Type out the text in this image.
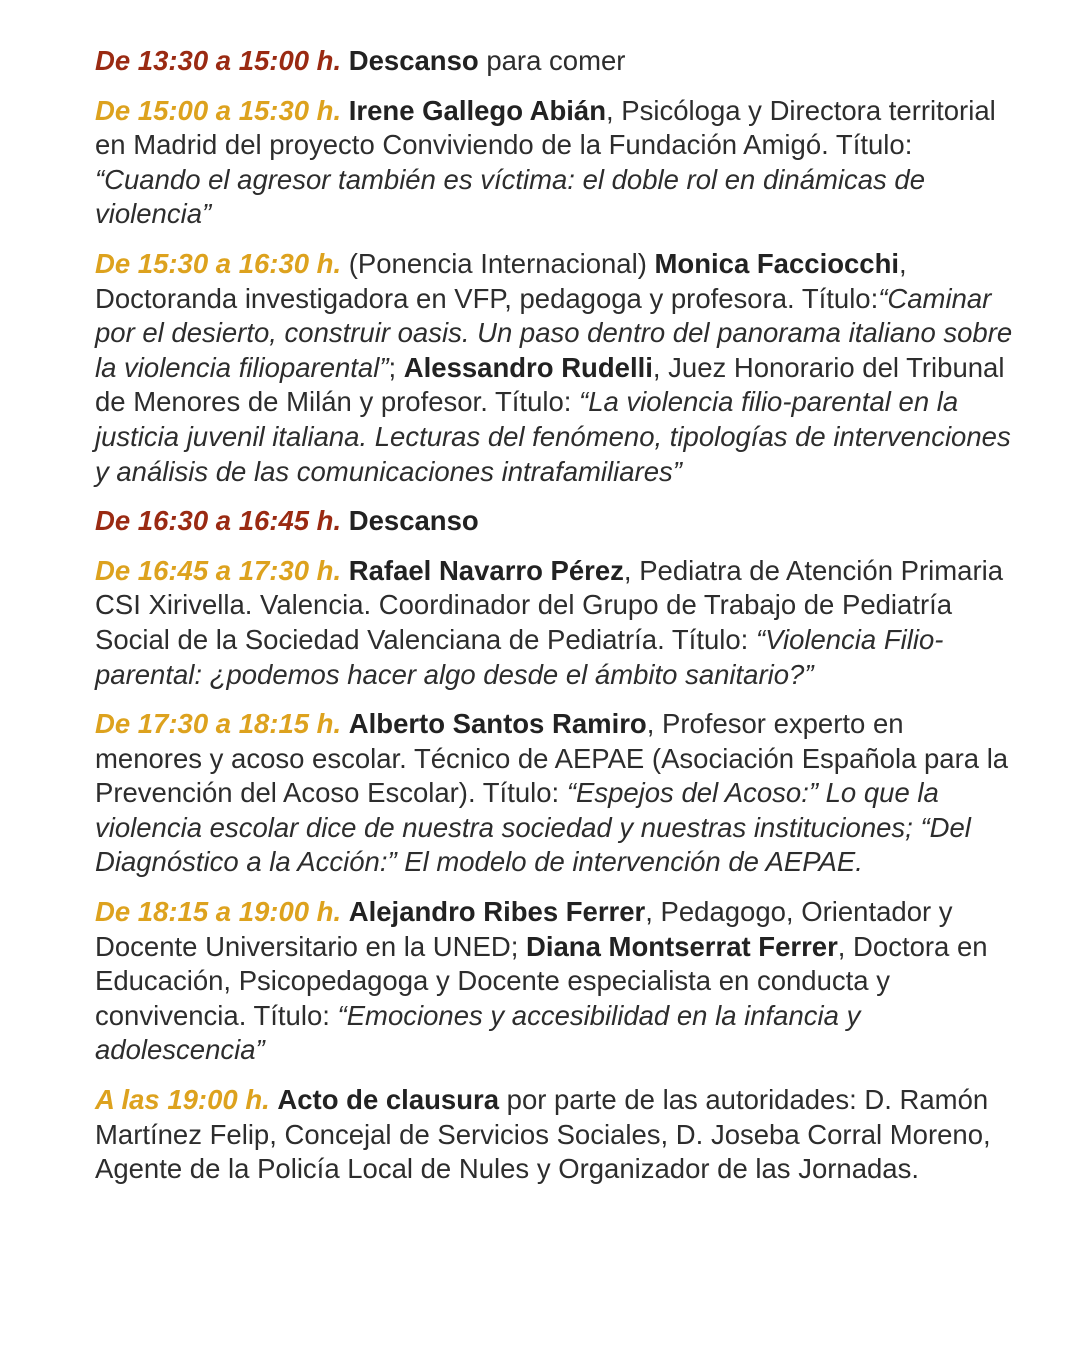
De 13:30 a 15:00 h. Descanso para comer

De 15:00 a 15:30 h. Irene Gallego Abián, Psicóloga y Directora territorial en Madrid del proyecto Conviviendo de la Fundación Amigó. Título: “Cuando el agresor también es víctima: el doble rol en dinámicas de violencia”

De 15:30 a 16:30 h. (Ponencia Internacional) Monica Facciocchi, Doctoranda investigadora en VFP, pedagoga y profesora. Título:“Caminar por el desierto, construir oasis. Un paso dentro del panorama italiano sobre la violencia filioparental”; Alessandro Rudelli, Juez Honorario del Tribunal de Menores de Milán y profesor. Título: “La violencia filio-parental en la justicia juvenil italiana. Lecturas del fenómeno, tipologías de intervenciones y análisis de las comunicaciones intrafamiliares”

De 16:30 a 16:45 h. Descanso

De 16:45 a 17:30 h. Rafael Navarro Pérez, Pediatra de Atención Primaria CSI Xirivella. Valencia. Coordinador del Grupo de Trabajo de Pediatría Social de la Sociedad Valenciana de Pediatría. Título: “Violencia Filio-parental: ¿podemos hacer algo desde el ámbito sanitario?”

De 17:30 a 18:15 h. Alberto Santos Ramiro, Profesor experto en menores y acoso escolar. Técnico de AEPAE (Asociación Española para la Prevención del Acoso Escolar). Título: “Espejos del Acoso:” Lo que la violencia escolar dice de nuestra sociedad y nuestras instituciones; “Del Diagnóstico a la Acción:” El modelo de intervención de AEPAE.

De 18:15 a 19:00 h. Alejandro Ribes Ferrer, Pedagogo, Orientador y Docente Universitario en la UNED; Diana Montserrat Ferrer, Doctora en Educación, Psicopedagoga y Docente especialista en conducta y convivencia. Título: “Emociones y accesibilidad en la infancia y adolescencia”

A las 19:00 h. Acto de clausura por parte de las autoridades: D. Ramón Martínez Felip, Concejal de Servicios Sociales, D. Joseba Corral Moreno, Agente de la Policía Local de Nules y Organizador de las Jornadas.
